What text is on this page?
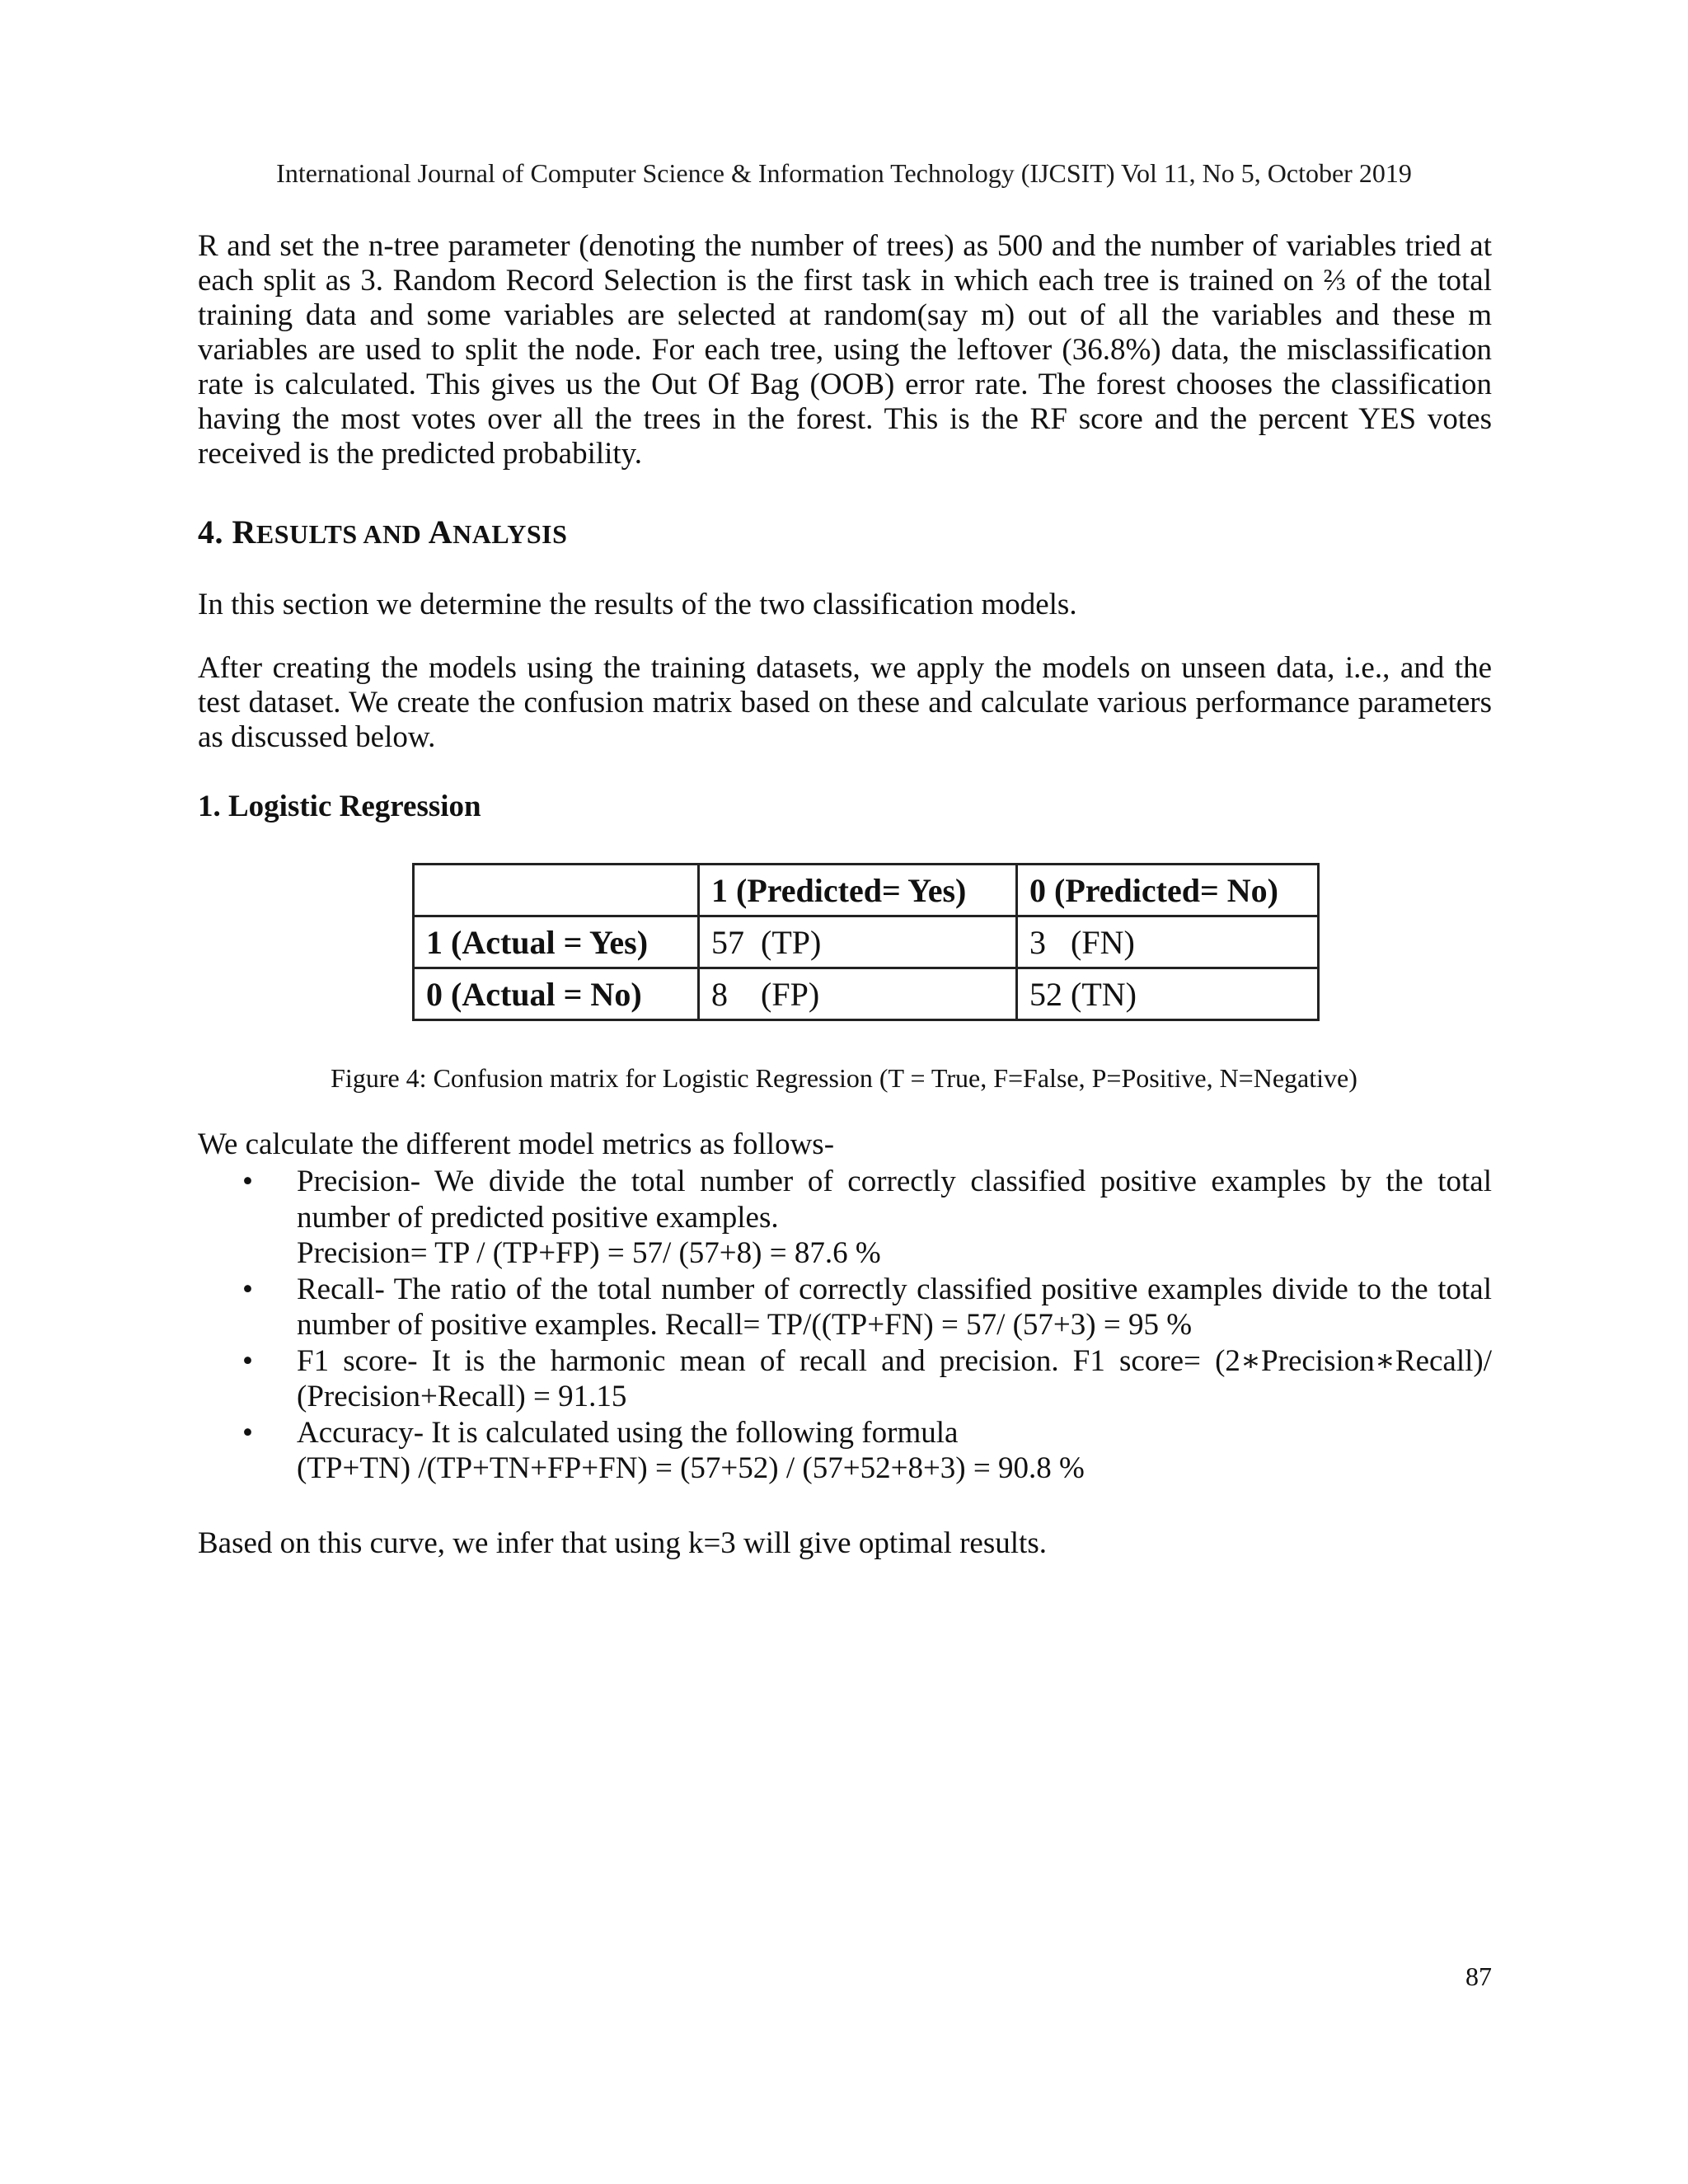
International Journal of Computer Science & Information Technology (IJCSIT) Vol 11, No 5, October 2019

R and set the n-tree parameter (denoting the number of trees) as 500 and the number of variables tried at each split as 3. Random Record Selection is the first task in which each tree is trained on ⅔ of the total training data and some variables are selected at random(say m) out of all the variables and these m variables are used to split the node. For each tree, using the leftover (36.8%) data, the misclassification rate is calculated. This gives us the Out Of Bag (OOB) error rate. The forest chooses the classification having the most votes over all the trees in the forest. This is the RF score and the percent YES votes received is the predicted probability.

4. RESULTS AND ANALYSIS

In this section we determine the results of the two classification models.

After creating the models using the training datasets, we apply the models on unseen data, i.e., and the test dataset. We create the confusion matrix based on these and calculate various performance parameters as discussed below.

1. Logistic Regression
	1 (Predicted= Yes)	0 (Predicted= No)
1 (Actual = Yes)	57  (TP)	3   (FN)
0 (Actual = No)	8    (FP)	52 (TN)
Figure 4: Confusion matrix for Logistic Regression (T = True, F=False, P=Positive, N=Negative)

We calculate the different model metrics as follows-

• Precision- We divide the total number of correctly classified positive examples by the total number of predicted positive examples.
Precision= TP / (TP+FP) = 57/ (57+8) = 87.6 %
• Recall- The ratio of the total number of correctly classified positive examples divide to the total number of positive examples. Recall= TP/((TP+FN) = 57/ (57+3) = 95 %
• F1 score- It is the harmonic mean of recall and precision. F1 score= (2∗Precision∗Recall)/ (Precision+Recall) = 91.15
• Accuracy- It is calculated using the following formula
(TP+TN) /(TP+TN+FP+FN) = (57+52) / (57+52+8+3) = 90.8 %

Based on this curve, we infer that using k=3 will give optimal results.

87
